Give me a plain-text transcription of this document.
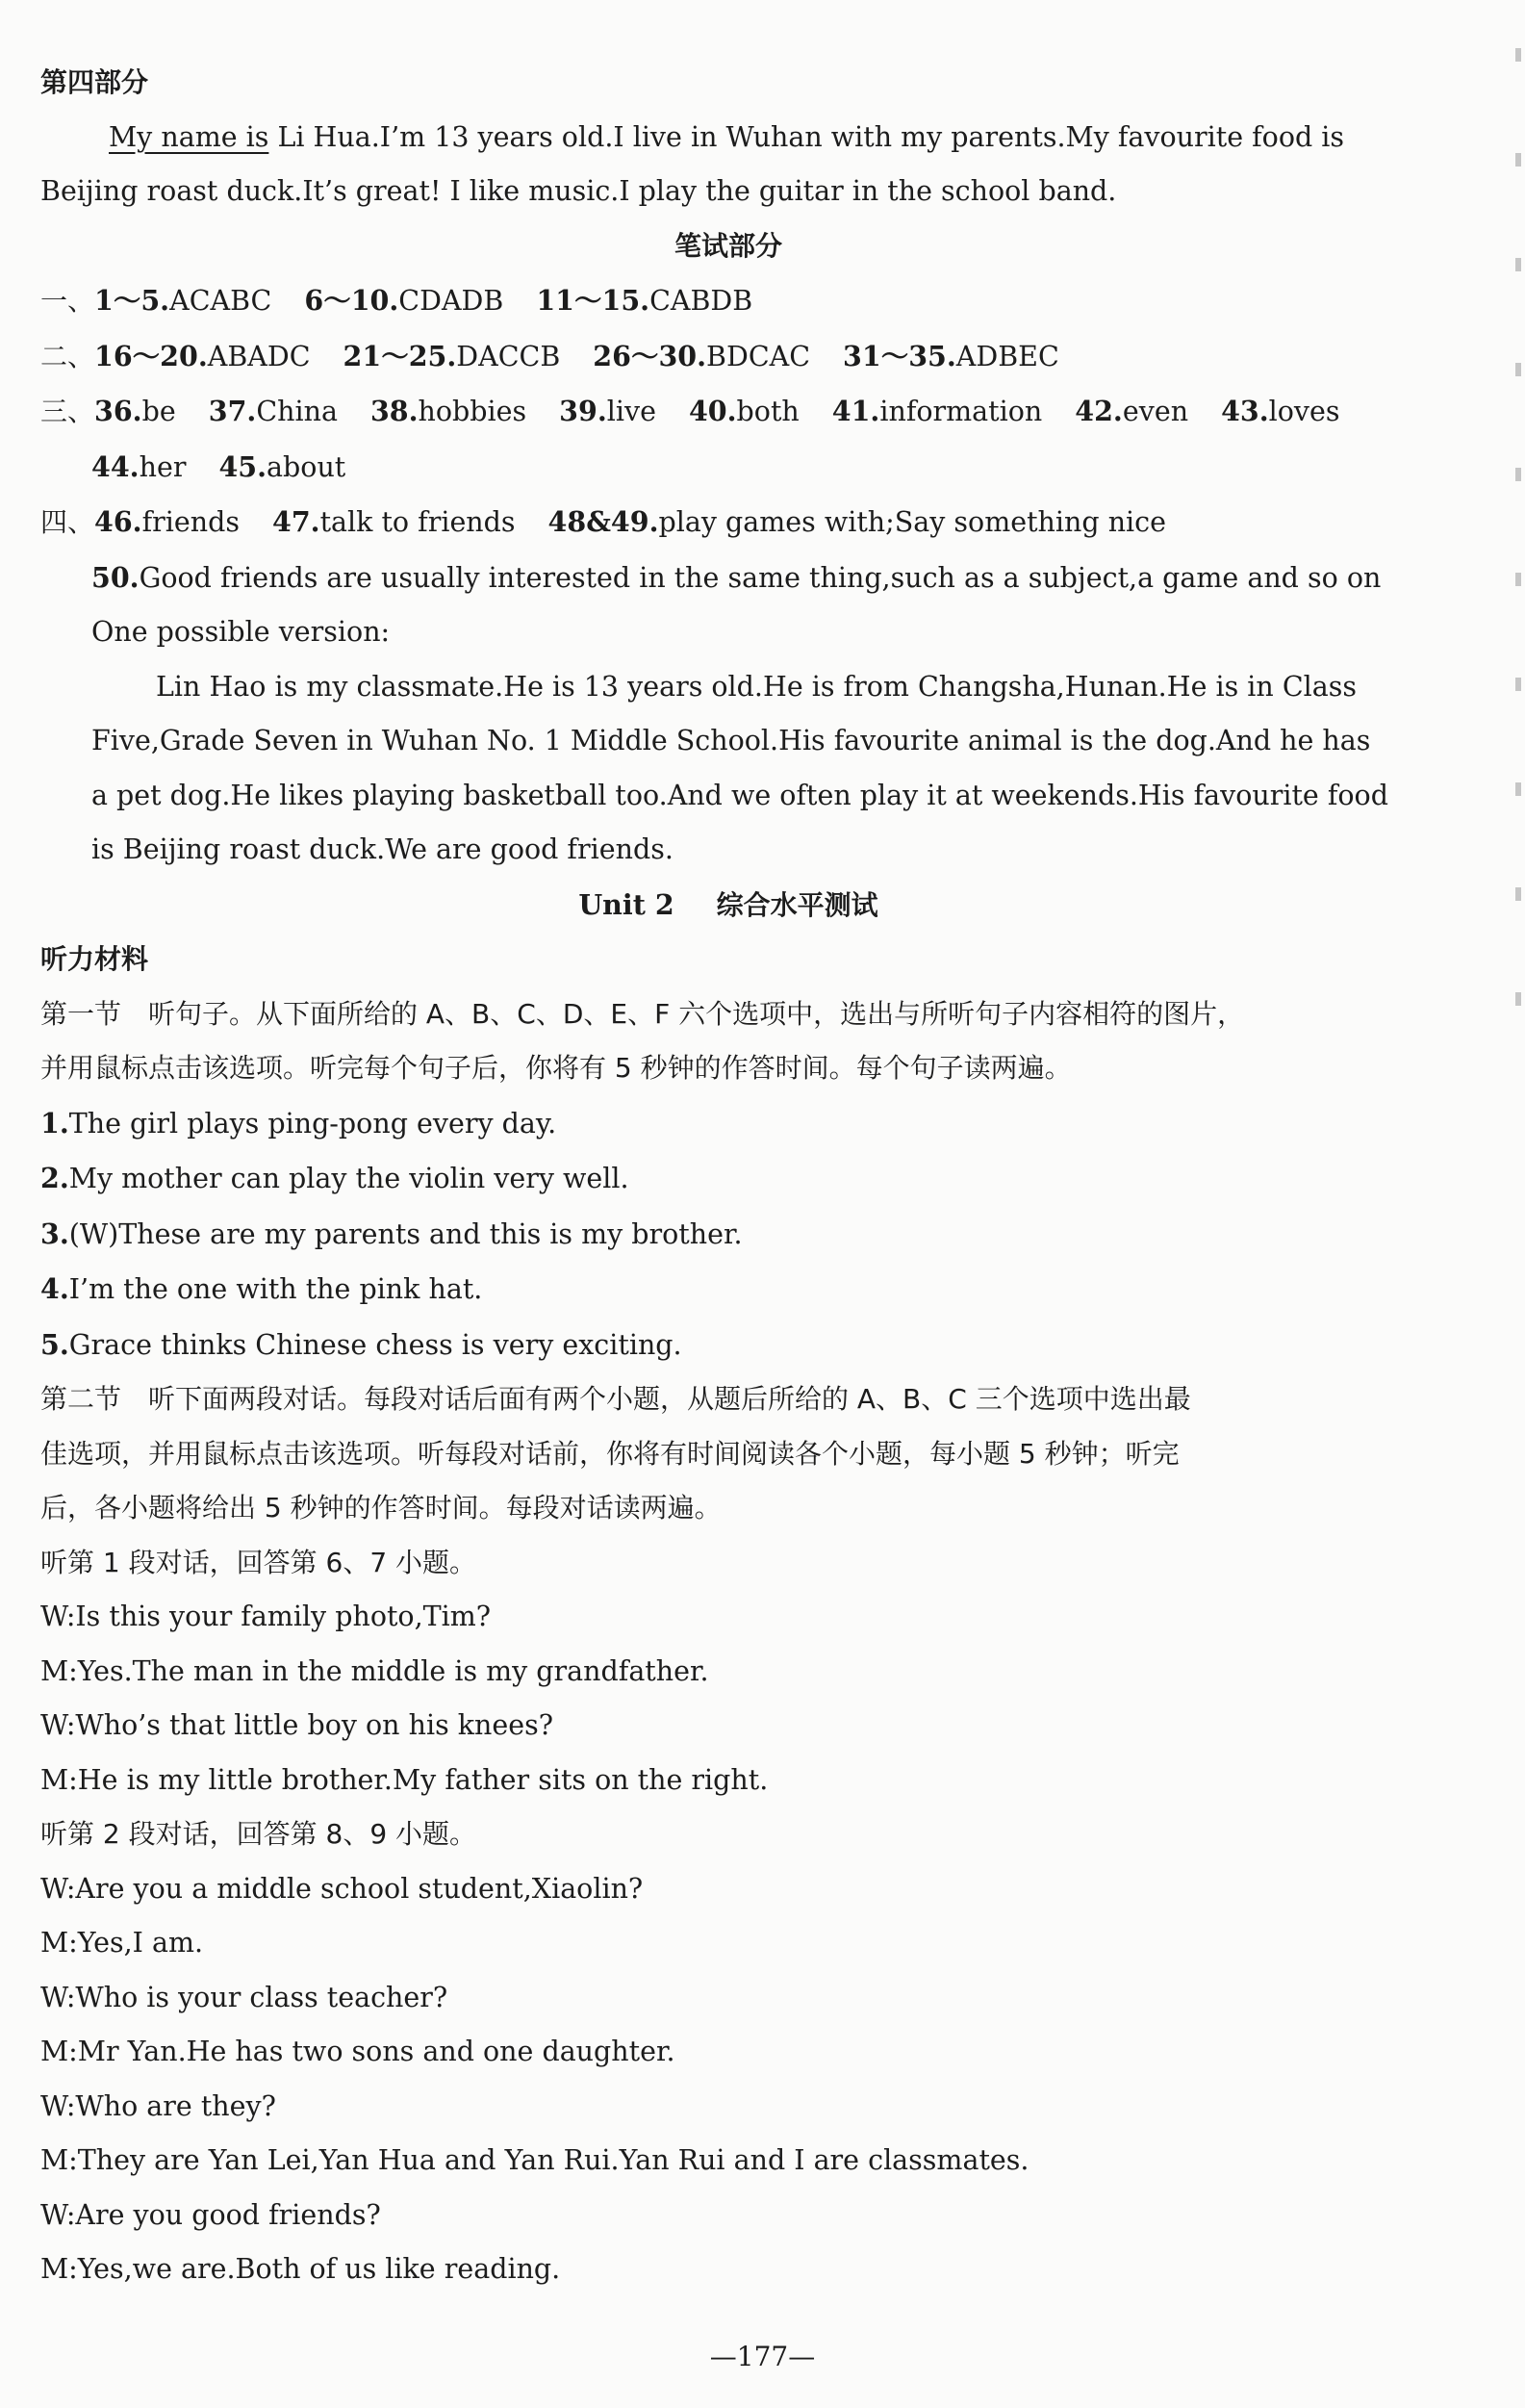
第四部分
My name is Li Hua.I’m 13 years old.I live in Wuhan with my parents.My favourite food is
Beijing roast duck.It’s great! I like music.I play the guitar in the school band.
笔试部分
一、1～5.ACABC 6～10.CDADB 11～15.CABDB
二、16～20.ABADC 21～25.DACCB 26～30.BDCAC 31～35.ADBEC
三、36.be 37.China 38.hobbies 39.live 40.both 41.information 42.even 43.loves
44.her 45.about
四、46.friends 47.talk to friends 48&49.play games with;Say something nice
50.Good friends are usually interested in the same thing,such as a subject,a game and so on
One possible version:
Lin Hao is my classmate.He is 13 years old.He is from Changsha,Hunan.He is in Class
Five,Grade Seven in Wuhan No. 1 Middle School.His favourite animal is the dog.And he has
a pet dog.He likes playing basketball too.And we often play it at weekends.His favourite food
is Beijing roast duck.We are good friends.
Unit 2 综合水平测试
听力材料
第一节　听句子。从下面所给的 A、B、C、D、E、F 六个选项中，选出与所听句子内容相符的图片，
并用鼠标点击该选项。听完每个句子后，你将有 5 秒钟的作答时间。每个句子读两遍。
1.The girl plays ping-pong every day.
2.My mother can play the violin very well.
3.(W)These are my parents and this is my brother.
4.I’m the one with the pink hat.
5.Grace thinks Chinese chess is very exciting.
第二节　听下面两段对话。每段对话后面有两个小题，从题后所给的 A、B、C 三个选项中选出最
佳选项，并用鼠标点击该选项。听每段对话前，你将有时间阅读各个小题，每小题 5 秒钟；听完
后，各小题将给出 5 秒钟的作答时间。每段对话读两遍。
听第 1 段对话，回答第 6、7 小题。
W:Is this your family photo,Tim?
M:Yes.The man in the middle is my grandfather.
W:Who’s that little boy on his knees?
M:He is my little brother.My father sits on the right.
听第 2 段对话，回答第 8、9 小题。
W:Are you a middle school student,Xiaolin?
M:Yes,I am.
W:Who is your class teacher?
M:Mr Yan.He has two sons and one daughter.
W:Who are they?
M:They are Yan Lei,Yan Hua and Yan Rui.Yan Rui and I are classmates.
W:Are you good friends?
M:Yes,we are.Both of us like reading.
—177—
